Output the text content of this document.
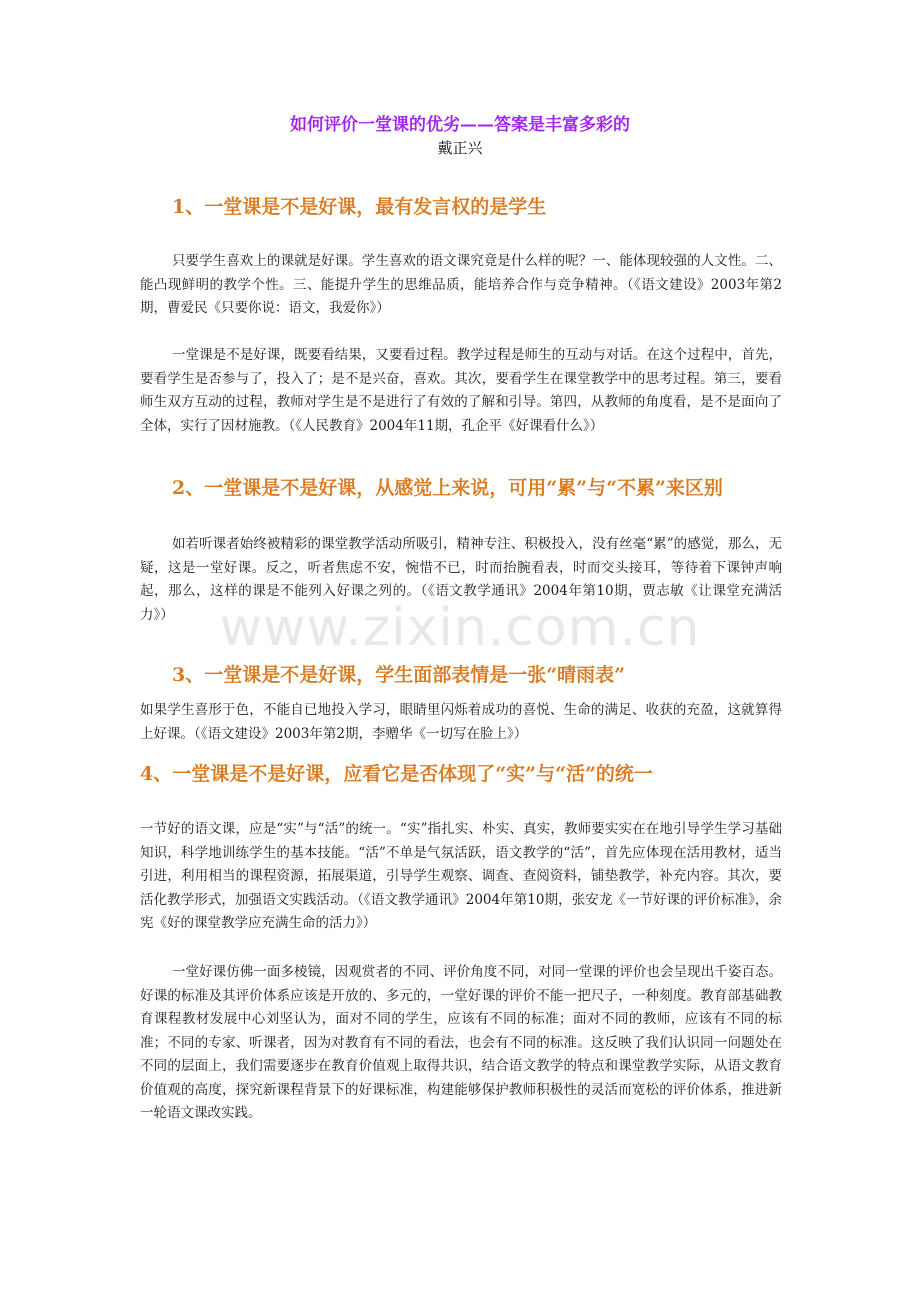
如何评价一堂课的优劣——答案是丰富多彩的
戴正兴
1、一堂课是不是好课，最有发言权的是学生

只要学生喜欢上的课就是好课。学生喜欢的语文课究竟是什么样的呢？一、能体现较强的人文性。二、能凸现鲜明的教学个性。三、能提升学生的思维品质，能培养合作与竞争精神。（《语文建设》2003年第2期，曹爱民《只要你说：语文，我爱你》）

一堂课是不是好课，既要看结果，又要看过程。教学过程是师生的互动与对话。在这个过程中，首先，要看学生是否参与了，投入了；是不是兴奋，喜欢。其次，要看学生在课堂教学中的思考过程。第三，要看师生双方互动的过程，教师对学生是不是进行了有效的了解和引导。第四，从教师的角度看，是不是面向了全体，实行了因材施教。（《人民教育》2004年11期，孔企平《好课看什么》）

2、一堂课是不是好课，从感觉上来说，可用“累”与“不累”来区别

如若听课者始终被精彩的课堂教学活动所吸引，精神专注、积极投入，没有丝毫“累”的感觉，那么，无疑，这是一堂好课。反之，听者焦虑不安，惋惜不已，时而抬腕看表，时而交头接耳，等待着下课钟声响起，那么，这样的课是不能列入好课之列的。（《语文教学通讯》2004年第10期，贾志敏《让课堂充满活力》） www.zixin.com.cn
3、一堂课是不是好课，学生面部表情是一张“晴雨表”

如果学生喜形于色，不能自已地投入学习，眼睛里闪烁着成功的喜悦、生命的满足、收获的充盈，这就算得上好课。（《语文建设》2003年第2期，李赠华《一切写在脸上》）

4、一堂课是不是好课，应看它是否体现了“实”与“活”的统一

一节好的语文课，应是“实”与“活”的统一。“实”指扎实、朴实、真实，教师要实实在在地引导学生学习基础知识，科学地训练学生的基本技能。“活”不单是气氛活跃，语文教学的“活”，首先应体现在活用教材，适当引进，利用相当的课程资源，拓展渠道，引导学生观察、调查、查阅资料，铺垫教学，补充内容。其次，要活化教学形式，加强语文实践活动。（《语文教学通讯》2004年第10期，张安龙《一节好课的评价标准》，余宪《好的课堂教学应充满生命的活力》）

一堂好课仿佛一面多棱镜，因观赏者的不同、评价角度不同，对同一堂课的评价也会呈现出千姿百态。好课的标准及其评价体系应该是开放的、多元的，一堂好课的评价不能一把尺子，一种刻度。教育部基础教育课程教材发展中心刘坚认为，面对不同的学生，应该有不同的标准；面对不同的教师，应该有不同的标准；不同的专家、听课者，因为对教育有不同的看法，也会有不同的标准。这反映了我们认识同一问题处在不同的层面上，我们需要逐步在教育价值观上取得共识，结合语文教学的特点和课堂教学实际，从语文教育价值观的高度，探究新课程背景下的好课标准，构建能够保护教师积极性的灵活而宽松的评价体系，推进新一轮语文课改实践。
